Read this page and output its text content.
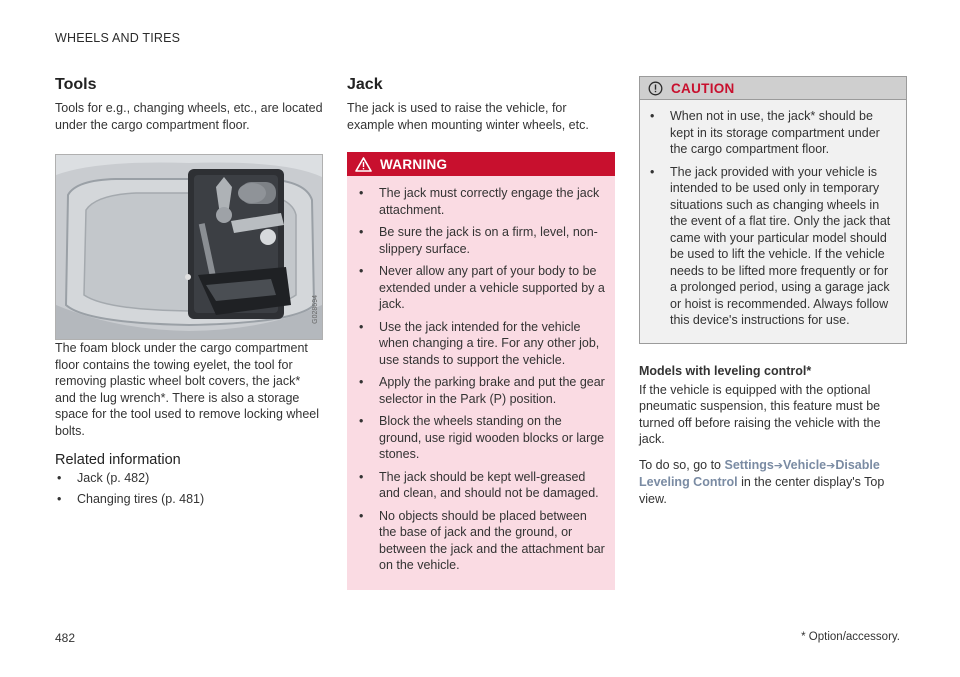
WHEELS AND TIRES
Tools

Tools for e.g., changing wheels, etc., are located under the cargo compartment floor.

G028694

The foam block under the cargo compartment floor contains the towing eyelet, the tool for removing plastic wheel bolt covers, the jack* and the lug wrench*. There is also a storage space for the tool used to remove locking wheel bolts.

Related information
• Jack (p. 482)
• Changing tires (p. 481)
Jack

The jack is used to raise the vehicle, for example when mounting winter wheels, etc.

WARNING
• The jack must correctly engage the jack attachment.
• Be sure the jack is on a firm, level, non-slippery surface.
• Never allow any part of your body to be extended under a vehicle supported by a jack.
• Use the jack intended for the vehicle when changing a tire. For any other job, use stands to support the vehicle.
• Apply the parking brake and put the gear selector in the Park (P) position.
• Block the wheels standing on the ground, use rigid wooden blocks or large stones.
• The jack should be kept well-greased and clean, and should not be damaged.
• No objects should be placed between the base of jack and the ground, or between the jack and the attachment bar on the vehicle.
CAUTION
• When not in use, the jack* should be kept in its storage compartment under the cargo compartment floor.
• The jack provided with your vehicle is intended to be used only in temporary situations such as changing wheels in the event of a flat tire. Only the jack that came with your particular model should be used to lift the vehicle. If the vehicle needs to be lifted more frequently or for a prolonged period, using a garage jack or hoist is recommended. Always follow this device's instructions for use.
Models with leveling control*

If the vehicle is equipped with the optional pneumatic suspension, this feature must be turned off before raising the vehicle with the jack.

To do so, go to Settings➔Vehicle➔Disable Leveling Control in the center display's Top view.

482	* Option/accessory.
